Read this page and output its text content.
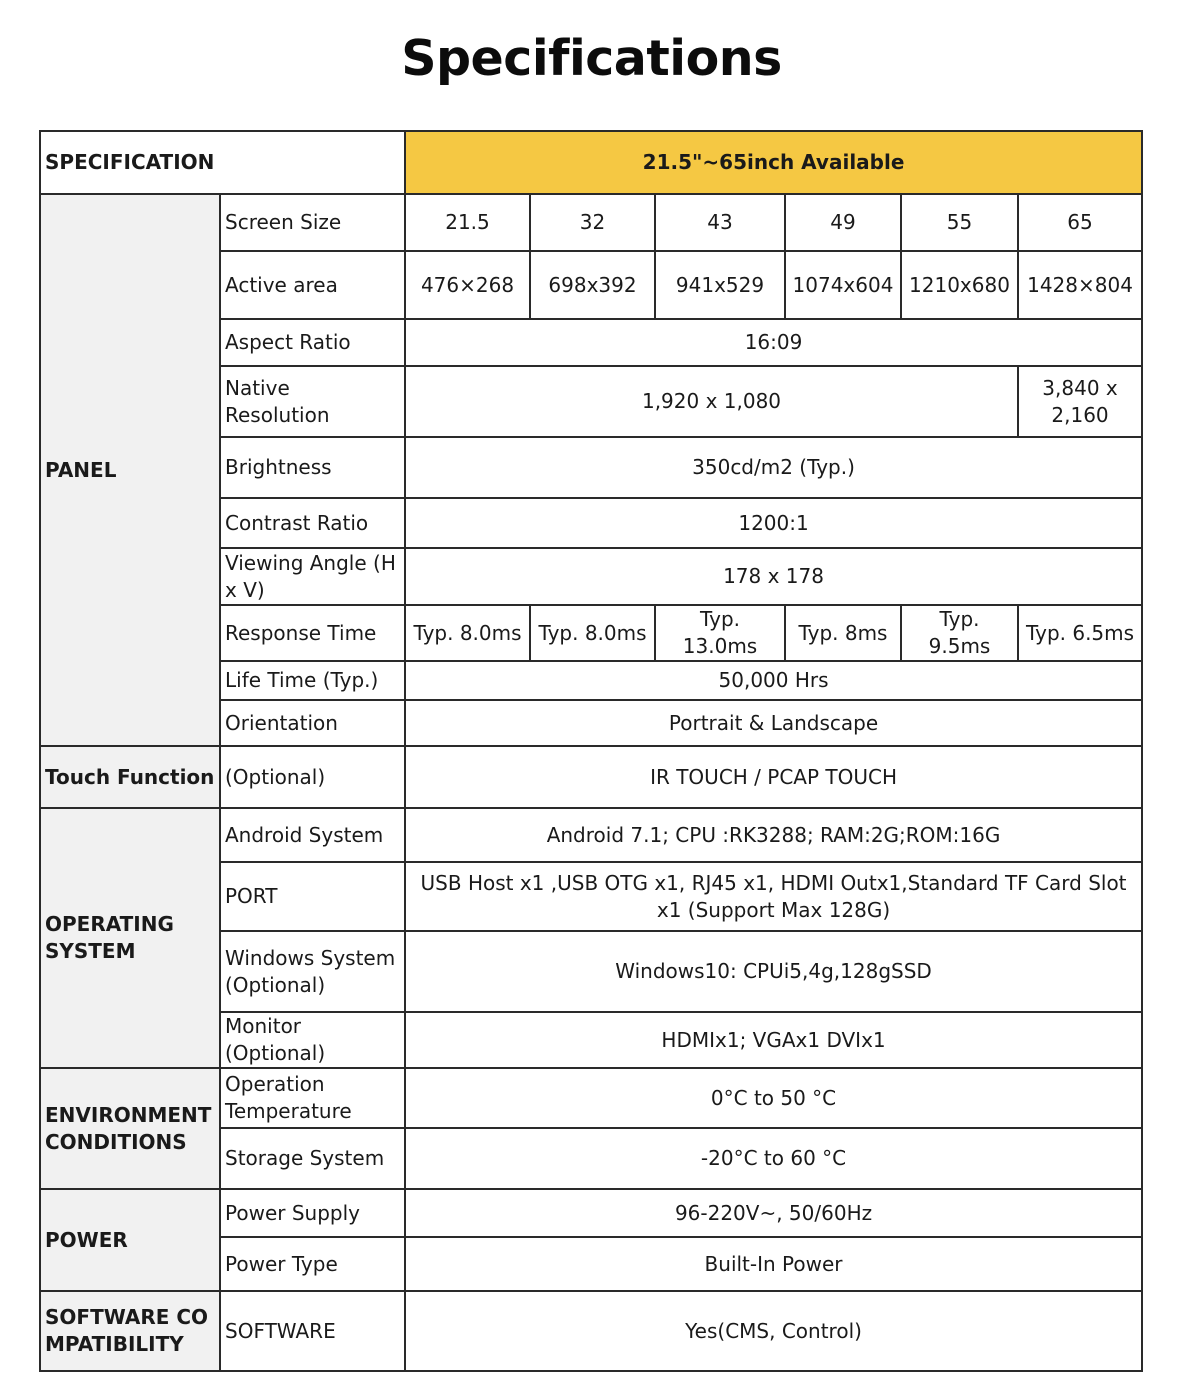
Specifications
SPECIFICATION		21.5"~65inch Available					
PANEL	Screen Size	21.5	32	43	49	55	65
	Active area	476×268	698x392	941x529	1074x604	1210x680	1428×804
	Aspect Ratio	16:09					
	Native Resolution	1,920 x 1,080					3,840 x 2,160
	Brightness	350cd/m2 (Typ.)					
	Contrast Ratio	1200:1					
	Viewing Angle (H x V)	178 x 178					
	Response Time	Typ. 8.0ms	Typ. 8.0ms	Typ. 13.0ms	Typ. 8ms	Typ. 9.5ms	Typ. 6.5ms
	Life Time (Typ.)	50,000 Hrs					
	Orientation	Portrait & Landscape					
Touch Function	(Optional)	IR TOUCH / PCAP TOUCH					
OPERATING SYSTEM	Android System	Android 7.1; CPU :RK3288; RAM:2G;ROM:16G					
	PORT	USB Host x1 ,USB OTG x1, RJ45 x1, HDMI Outx1,Standard TF Card Slot x1 (Support Max 128G)					
	Windows System (Optional)	Windows10: CPUi5,4g,128gSSD					
	Monitor (Optional)	HDMIx1; VGAx1 DVIx1					
ENVIRONMENT CONDITIONS	Operation Temperature	0°C to 50 °C					
	Storage System	-20°C to 60 °C					
POWER	Power Supply	96-220V~, 50/60Hz					
	Power Type	Built-In Power					
SOFTWARE COMPATIBILITY	SOFTWARE	Yes(CMS, Control)					
